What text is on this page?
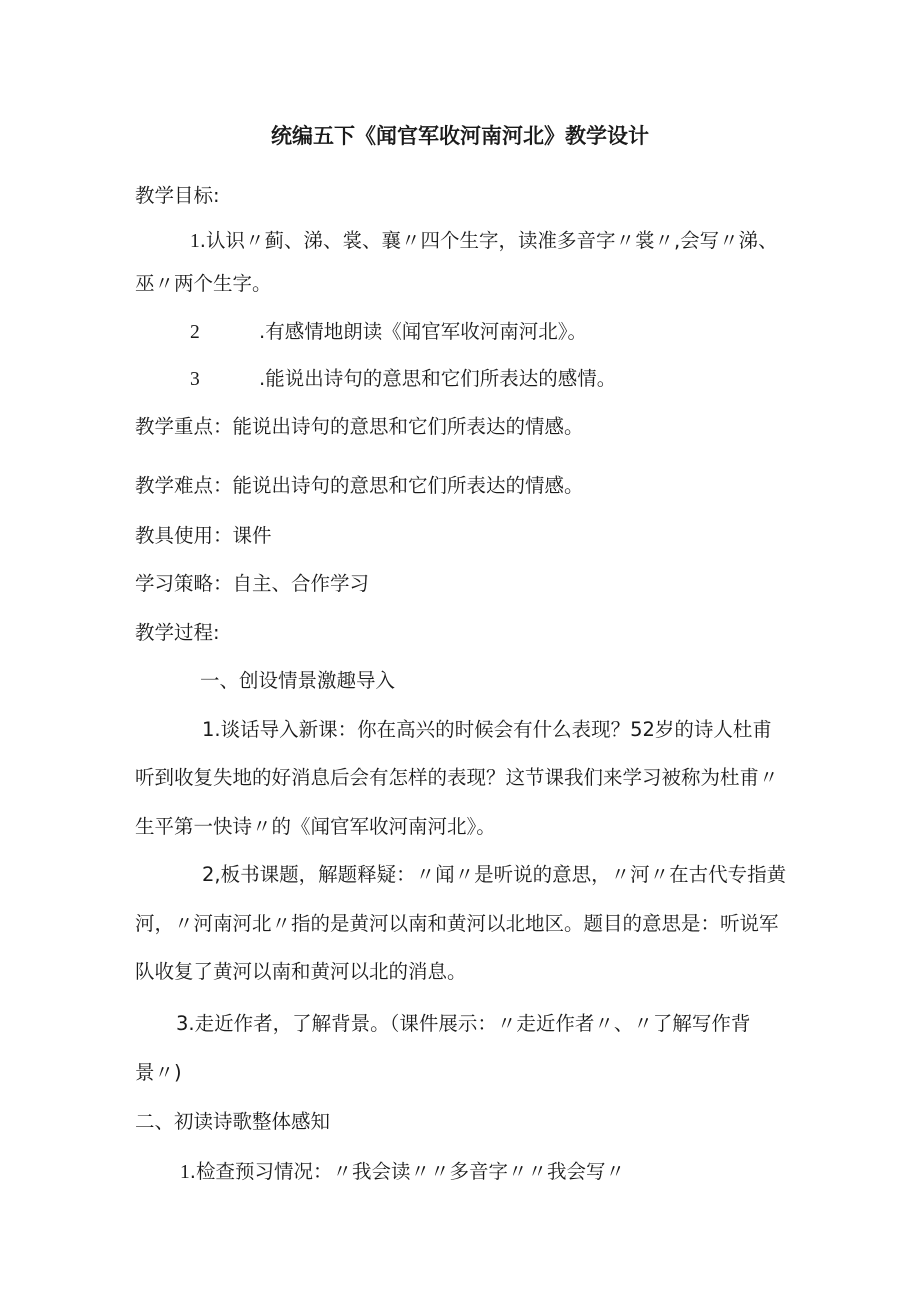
统编五下《闻官军收河南河北》教学设计
教学目标:
1.认识〃蓟、涕、裳、襄〃四个生字，读准多音字〃裳〃,会写〃涕、
巫〃两个生字。
2	.有感情地朗读《闻官军收河南河北》。
3	.能说出诗句的意思和它们所表达的感情。
教学重点：能说出诗句的意思和它们所表达的情感。
教学难点：能说出诗句的意思和它们所表达的情感。
教具使用：课件
学习策略：自主、合作学习
教学过程:
一、创设情景激趣导入
1.谈话导入新课：你在高兴的时候会有什么表现？52岁的诗人杜甫
听到收复失地的好消息后会有怎样的表现？这节课我们来学习被称为杜甫〃
生平第一快诗〃的《闻官军收河南河北》。
2,板书课题，解题释疑：〃闻〃是听说的意思，〃河〃在古代专指黄
河，〃河南河北〃指的是黄河以南和黄河以北地区。题目的意思是：听说军
队收复了黄河以南和黄河以北的消息。
3.走近作者，了解背景。（课件展示：〃走近作者〃、〃了解写作背
景〃)
二、初读诗歌整体感知
1.检查预习情况：〃我会读〃〃多音字〃〃我会写〃
